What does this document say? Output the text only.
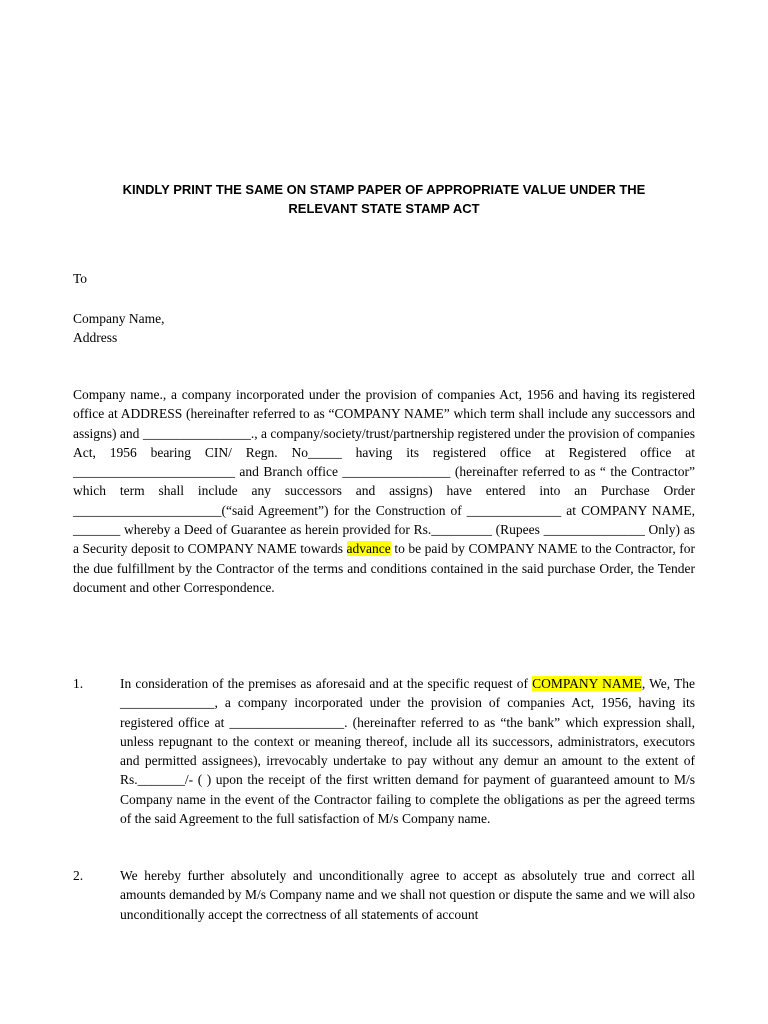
KINDLY PRINT THE SAME ON STAMP PAPER OF APPROPRIATE VALUE UNDER THE
RELEVANT STATE STAMP ACT
To
Company Name,
Address

Company name., a company incorporated under the provision of companies Act, 1956 and having its registered office at ADDRESS (hereinafter referred to as “COMPANY NAME” which term shall include any successors and assigns) and ________________., a company/society/trust/partnership registered under the provision of companies Act, 1956 bearing CIN/ Regn. No_____ having its registered office at Registered office at ________________________ and Branch office ________________ (hereinafter referred to as “ the Contractor” which term shall include any successors and assigns) have entered into an Purchase Order ______________________(“said Agreement”) for the Construction of ______________ at COMPANY NAME, _______ whereby a Deed of Guarantee as herein provided for Rs._________ (Rupees _______________ Only) as a Security deposit to COMPANY NAME towards advance to be paid by COMPANY NAME to the Contractor, for the due fulfillment by the Contractor of the terms and conditions contained in the said purchase Order, the Tender document and other Correspondence.

1.	In consideration of the premises as aforesaid and at the specific request of COMPANY NAME, We, The ______________, a company incorporated under the provision of companies Act, 1956, having its registered office at _________________. (hereinafter referred to as “the bank” which expression shall, unless repugnant to the context or meaning thereof, include all its successors, administrators, executors and permitted assignees), irrevocably undertake to pay without any demur an amount to the extent of Rs._______/- ( ) upon the receipt of the first written demand for payment of guaranteed amount to M/s Company name in the event of the Contractor failing to complete the obligations as per the agreed terms of the said Agreement to the full satisfaction of M/s Company name.
2.	We hereby further absolutely and unconditionally agree to accept as absolutely true and correct all amounts demanded by M/s Company name and we shall not question or dispute the same and we will also unconditionally accept the correctness of all statements of account
